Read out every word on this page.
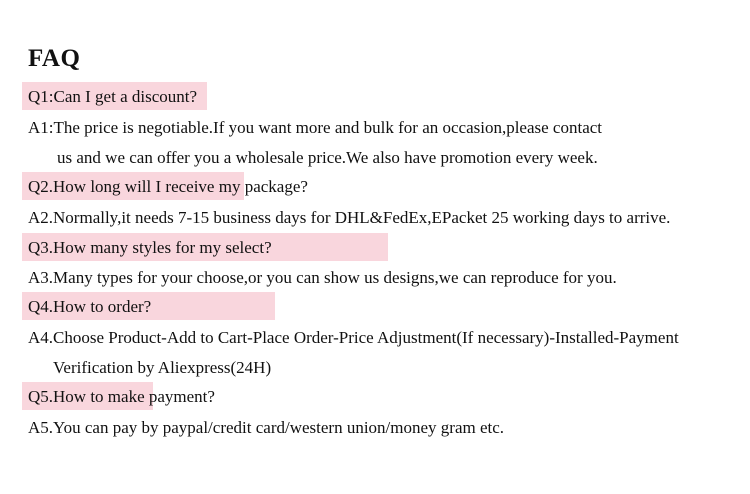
FAQ
Q1:Can I get a discount?
A1:The price is negotiable.If you want more and bulk for an occasion,please contact
us and we can offer you a wholesale price.We also have promotion every week.
Q2.How long will I receive my package?
A2.Normally,it needs 7-15 business days for DHL&FedEx,EPacket 25 working days to arrive.
Q3.How many styles for my select?
A3.Many types for your choose,or you can show us designs,we can reproduce for you.
Q4.How to order?
A4.Choose Product-Add to Cart-Place Order-Price Adjustment(If necessary)-Installed-Payment
Verification by Aliexpress(24H)
Q5.How to make payment?
A5.You can pay by paypal/credit card/western union/money gram etc.
